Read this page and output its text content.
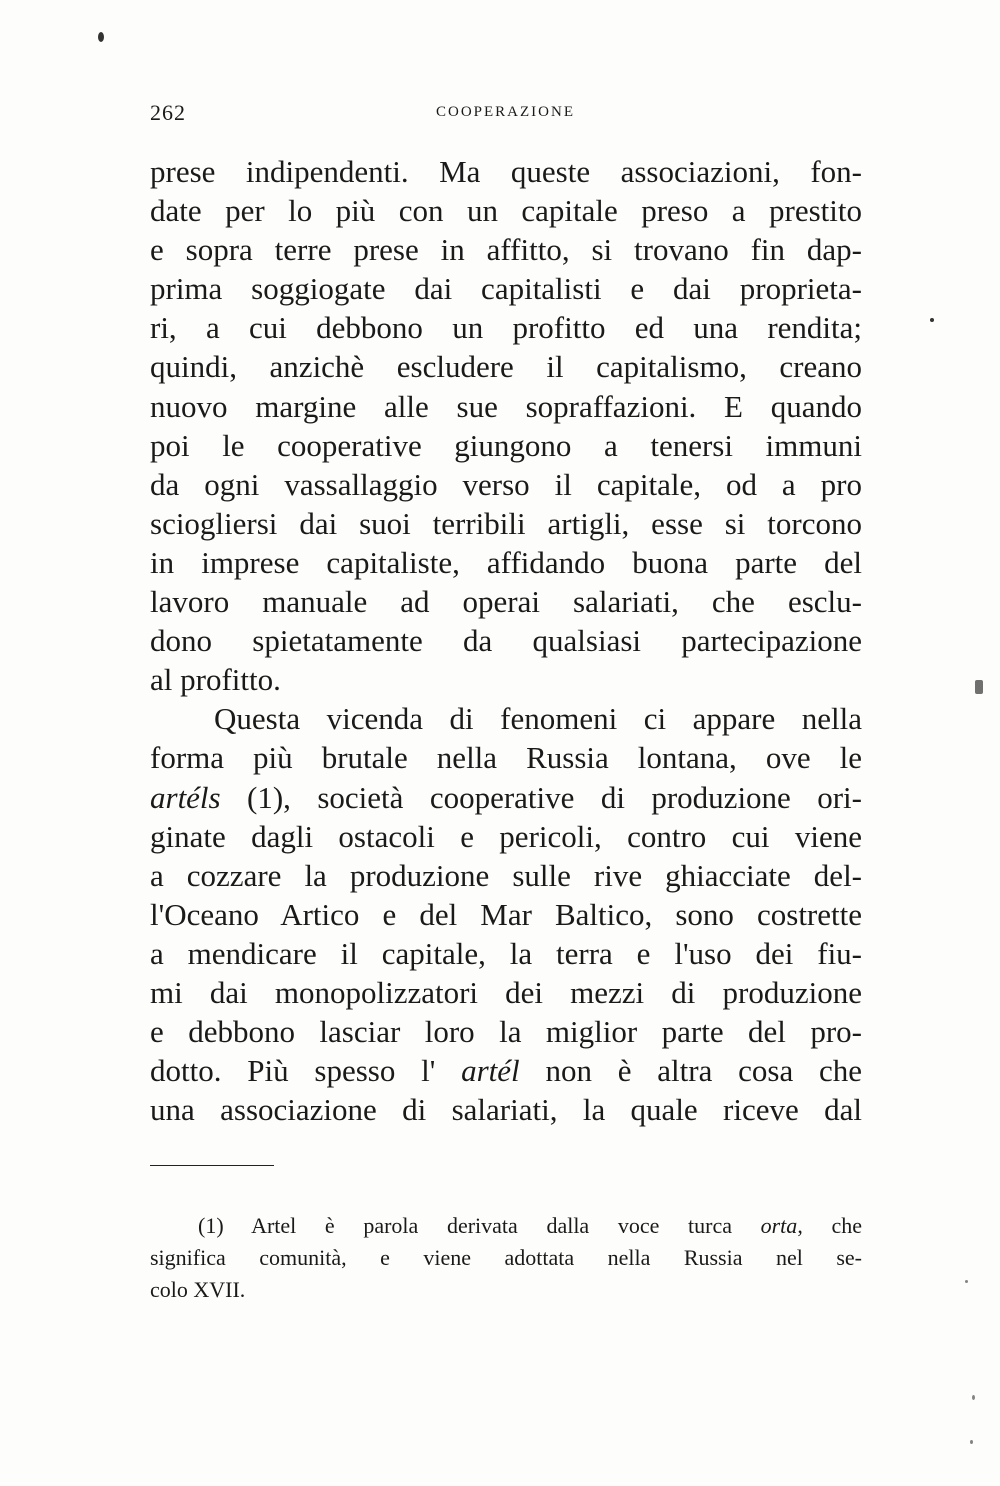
262	COOPERAZIONE
prese indipendenti. Ma queste associazioni, fon-
date per lo più con un capitale preso a prestito
e sopra terre prese in affitto, si trovano fin dap-
prima soggiogate dai capitalisti e dai proprieta-
ri, a cui debbono un profitto ed una rendita;
quindi, anzichè escludere il capitalismo, creano
nuovo margine alle sue sopraffazioni. E quando
poi le cooperative giungono a tenersi immuni
da ogni vassallaggio verso il capitale, od a pro
sciogliersi dai suoi terribili artigli, esse si torcono
in imprese capitaliste, affidando buona parte del
lavoro manuale ad operai salariati, che esclu-
dono spietatamente da qualsiasi partecipazione
al profitto.
Questa vicenda di fenomeni ci appare nella
forma più brutale nella Russia lontana, ove le
artéls (1), società cooperative di produzione ori-
ginate dagli ostacoli e pericoli, contro cui viene
a cozzare la produzione sulle rive ghiacciate del-
l'Oceano Artico e del Mar Baltico, sono costrette
a mendicare il capitale, la terra e l'uso dei fiu-
mi dai monopolizzatori dei mezzi di produzione
e debbono lasciar loro la miglior parte del pro-
dotto. Più spesso l' artél non è altra cosa che
una associazione di salariati, la quale riceve dal
(1) Artel è parola derivata dalla voce turca orta, che
significa comunità, e viene adottata nella Russia nel se-
colo XVII.
